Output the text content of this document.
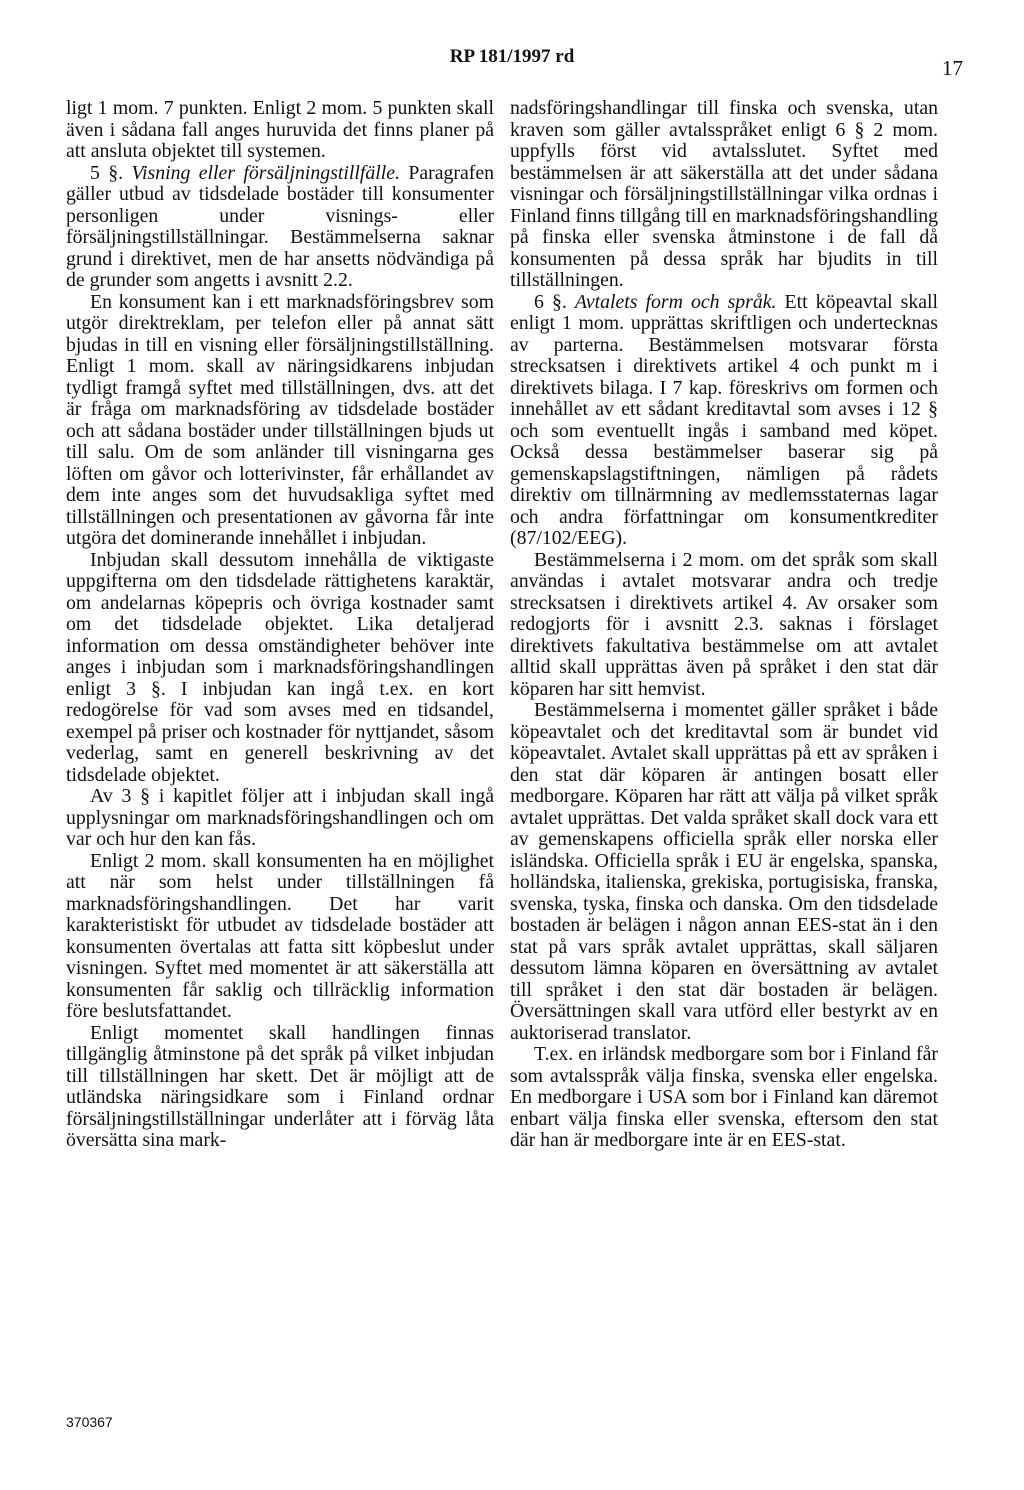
RP 181/1997 rd	17

ligt 1 mom. 7 punkten. Enligt 2 mom. 5 punkten skall även i sådana fall anges huruvida det finns planer på att ansluta objektet till systemen.

5 §. Visning eller försäljningstillfälle. Paragrafen gäller utbud av tidsdelade bostäder till konsumenter personligen under visnings- eller försäljningstillställningar. Bestämmelserna saknar grund i direktivet, men de har ansetts nödvändiga på de grunder som angetts i avsnitt 2.2.

En konsument kan i ett marknadsföringsbrev som utgör direktreklam, per telefon eller på annat sätt bjudas in till en visning eller försäljningstillställning. Enligt 1 mom. skall av näringsidkarens inbjudan tydligt framgå syftet med tillställningen, dvs. att det är fråga om marknadsföring av tidsdelade bostäder och att sådana bostäder under tillställningen bjuds ut till salu. Om de som anländer till visningarna ges löften om gåvor och lotterivinster, får erhållandet av dem inte anges som det huvudsakliga syftet med tillställningen och presentationen av gåvorna får inte utgöra det dominerande innehållet i inbjudan.

Inbjudan skall dessutom innehålla de viktigaste uppgifterna om den tidsdelade rättighetens karaktär, om andelarnas köpepris och övriga kostnader samt om det tidsdelade objektet. Lika detaljerad information om dessa omständigheter behöver inte anges i inbjudan som i marknadsföringshandlingen enligt 3 §. I inbjudan kan ingå t.ex. en kort redogörelse för vad som avses med en tidsandel, exempel på priser och kostnader för nyttjandet, såsom vederlag, samt en generell beskrivning av det tidsdelade objektet.

Av 3 § i kapitlet följer att i inbjudan skall ingå upplysningar om marknadsföringshandlingen och om var och hur den kan fås.

Enligt 2 mom. skall konsumenten ha en möjlighet att när som helst under tillställningen få marknadsföringshandlingen. Det har varit karakteristiskt för utbudet av tidsdelade bostäder att konsumenten övertalas att fatta sitt köpbeslut under visningen. Syftet med momentet är att säkerställa att konsumenten får saklig och tillräcklig information före beslutsfattandet.

Enligt momentet skall handlingen finnas tillgänglig åtminstone på det språk på vilket inbjudan till tillställningen har skett. Det är möjligt att de utländska näringsidkare som i Finland ordnar försäljningstillställningar underlåter att i förväg låta översätta sina mark-

nadsföringshandlingar till finska och svenska, utan kraven som gäller avtalsspråket enligt 6 § 2 mom. uppfylls först vid avtalsslutet. Syftet med bestämmelsen är att säkerställa att det under sådana visningar och försäljningstillställningar vilka ordnas i Finland finns tillgång till en marknadsföringshandling på finska eller svenska åtminstone i de fall då konsumenten på dessa språk har bjudits in till tillställningen.

6 §. Avtalets form och språk. Ett köpeavtal skall enligt 1 mom. upprättas skriftligen och undertecknas av parterna. Bestämmelsen motsvarar första strecksatsen i direktivets artikel 4 och punkt m i direktivets bilaga. I 7 kap. föreskrivs om formen och innehållet av ett sådant kreditavtal som avses i 12 § och som eventuellt ingås i samband med köpet. Också dessa bestämmelser baserar sig på gemenskapslagstiftningen, nämligen på rådets direktiv om tillnärmning av medlemsstaternas lagar och andra författningar om konsumentkrediter (87/102/EEG).

Bestämmelserna i 2 mom. om det språk som skall användas i avtalet motsvarar andra och tredje strecksatsen i direktivets artikel 4. Av orsaker som redogjorts för i avsnitt 2.3. saknas i förslaget direktivets fakultativa bestämmelse om att avtalet alltid skall upprättas även på språket i den stat där köparen har sitt hemvist.

Bestämmelserna i momentet gäller språket i både köpeavtalet och det kreditavtal som är bundet vid köpeavtalet. Avtalet skall upprättas på ett av språken i den stat där köparen är antingen bosatt eller medborgare. Köparen har rätt att välja på vilket språk avtalet upprättas. Det valda språket skall dock vara ett av gemenskapens officiella språk eller norska eller isländska. Officiella språk i EU är engelska, spanska, holländska, italienska, grekiska, portugisiska, franska, svenska, tyska, finska och danska. Om den tidsdelade bostaden är belägen i någon annan EES-stat än i den stat på vars språk avtalet upprättas, skall säljaren dessutom lämna köparen en översättning av avtalet till språket i den stat där bostaden är belägen. Översättningen skall vara utförd eller bestyrkt av en auktoriserad translator.

T.ex. en irländsk medborgare som bor i Finland får som avtalsspråk välja finska, svenska eller engelska. En medborgare i USA som bor i Finland kan däremot enbart välja finska eller svenska, eftersom den stat där han är medborgare inte är en EES-stat.

370367
